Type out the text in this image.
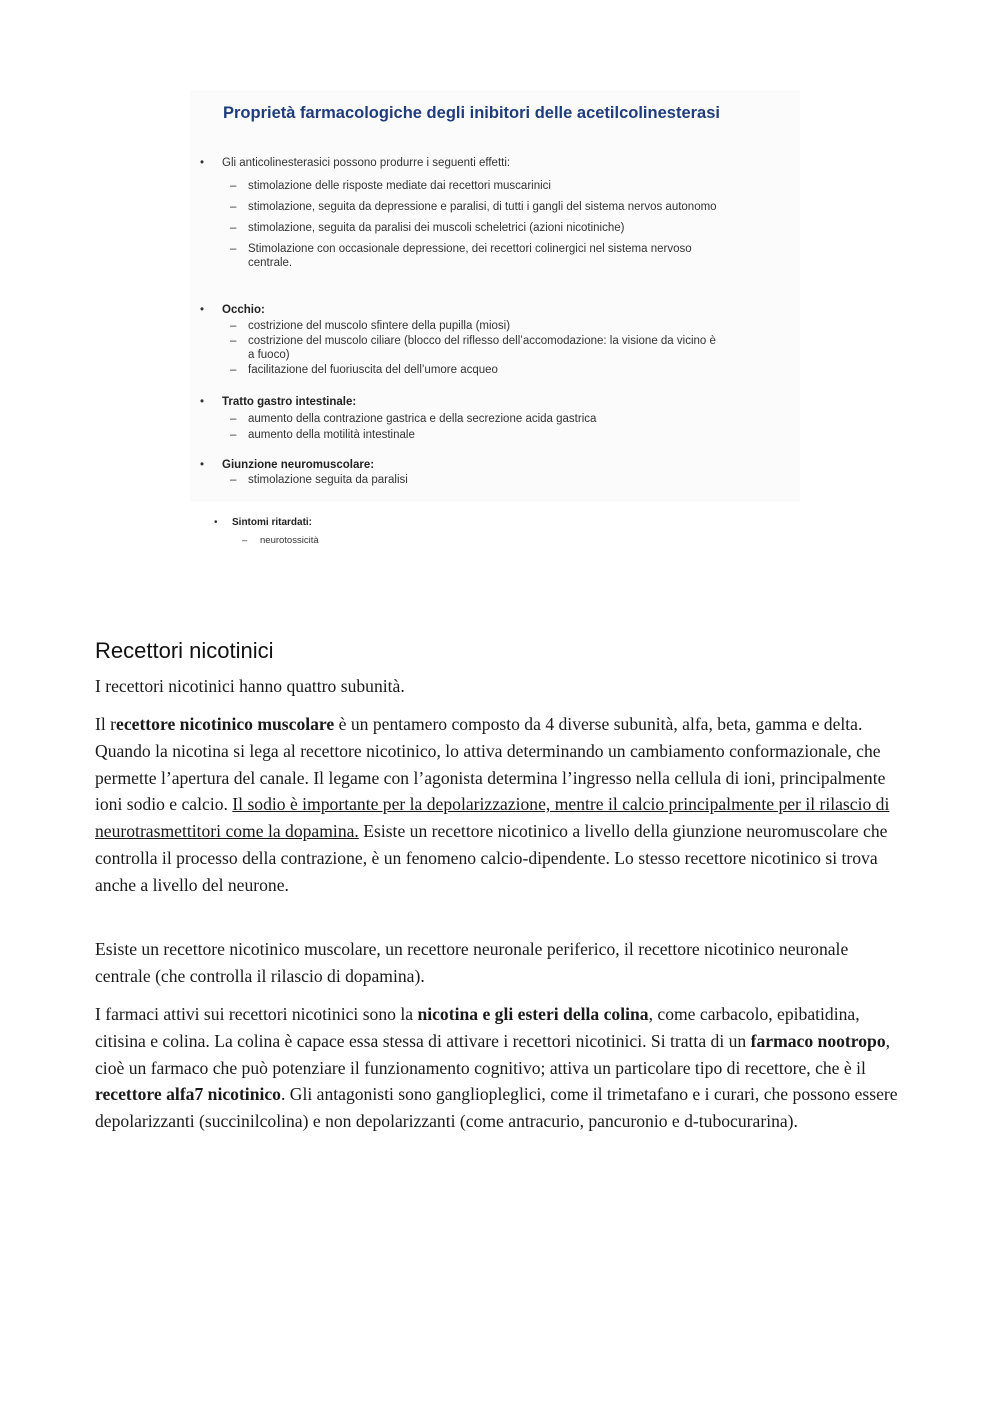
Proprietà farmacologiche degli inibitori delle acetilcolinesterasi
• Gli anticolinesterasici possono produrre i seguenti effetti:
– stimolazione delle risposte mediate dai recettori muscarinici
– stimolazione, seguita da depressione e paralisi, di tutti i gangli del sistema nervos autonomo
– stimolazione, seguita da paralisi dei muscoli scheletrici (azioni nicotiniche)
– Stimolazione con occasionale depressione, dei recettori colinergici nel sistema nervoso
centrale.
• Occhio:
– costrizione del muscolo sfintere della pupilla (miosi)
– costrizione del muscolo ciliare (blocco del riflesso dell’accomodazione: la visione da vicino è
a fuoco)
– facilitazione del fuoriuscita del dell’umore acqueo
• Tratto gastro intestinale:
– aumento della contrazione gastrica e della secrezione acida gastrica
– aumento della motilità intestinale
• Giunzione neuromuscolare:
– stimolazione seguita da paralisi
• Sintomi ritardati:
– neurotossicità
Recettori nicotinici

I recettori nicotinici hanno quattro subunità.

Il recettore nicotinico muscolare è un pentamero composto da 4 diverse subunità, alfa, beta, gamma e delta. Quando la nicotina si lega al recettore nicotinico, lo attiva determinando un cambiamento conformazionale, che permette l’apertura del canale. Il legame con l’agonista determina l’ingresso nella cellula di ioni, principalmente ioni sodio e calcio. Il sodio è importante per la depolarizzazione, mentre il calcio principalmente per il rilascio di neurotrasmettitori come la dopamina. Esiste un recettore nicotinico a livello della giunzione neuromuscolare che controlla il processo della contrazione, è un fenomeno calcio-dipendente. Lo stesso recettore nicotinico si trova anche a livello del neurone.

Esiste un recettore nicotinico muscolare, un recettore neuronale periferico, il recettore nicotinico neuronale centrale (che controlla il rilascio di dopamina).

I farmaci attivi sui recettori nicotinici sono la nicotina e gli esteri della colina, come carbacolo, epibatidina, citisina e colina. La colina è capace essa stessa di attivare i recettori nicotinici. Si tratta di un farmaco nootropo, cioè un farmaco che può potenziare il funzionamento cognitivo; attiva un particolare tipo di recettore, che è il recettore alfa7 nicotinico. Gli antagonisti sono gangliopleglici, come il trimetafano e i curari, che possono essere depolarizzanti (succinilcolina) e non depolarizzanti (come antracurio, pancuronio e d-tubocurarina).
